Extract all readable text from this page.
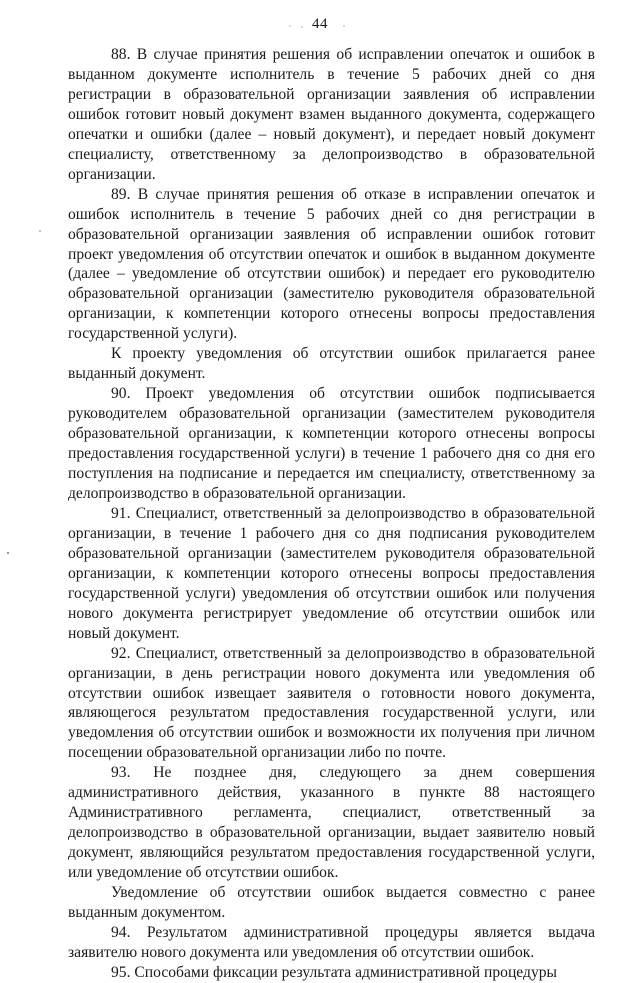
44

88. В случае принятия решения об исправлении опечаток и ошибок в выданном документе исполнитель в течение 5 рабочих дней со дня регистрации в образовательной организации заявления об исправлении ошибок готовит новый документ взамен выданного документа, содержащего опечатки и ошибки (далее – новый документ), и передает новый документ специалисту, ответственному за делопроизводство в образовательной организации.

89. В случае принятия решения об отказе в исправлении опечаток и ошибок исполнитель в течение 5 рабочих дней со дня регистрации в образовательной организации заявления об исправлении ошибок готовит проект уведомления об отсутствии опечаток и ошибок в выданном документе (далее – уведомление об отсутствии ошибок) и передает его руководителю образовательной организации (заместителю руководителя образовательной организации, к компетенции которого отнесены вопросы предоставления государственной услуги).

К проекту уведомления об отсутствии ошибок прилагается ранее выданный документ.

90. Проект уведомления об отсутствии ошибок подписывается руководителем образовательной организации (заместителем руководителя образовательной организации, к компетенции которого отнесены вопросы предоставления государственной услуги) в течение 1 рабочего дня со дня его поступления на подписание и передается им специалисту, ответственному за делопроизводство в образовательной организации.

91. Специалист, ответственный за делопроизводство в образовательной организации, в течение 1 рабочего дня со дня подписания руководителем образовательной организации (заместителем руководителя образовательной организации, к компетенции которого отнесены вопросы предоставления государственной услуги) уведомления об отсутствии ошибок или получения нового документа регистрирует уведомление об отсутствии ошибок или новый документ.

92. Специалист, ответственный за делопроизводство в образовательной организации, в день регистрации нового документа или уведомления об отсутствии ошибок извещает заявителя о готовности нового документа, являющегося результатом предоставления государственной услуги, или уведомления об отсутствии ошибок и возможности их получения при личном посещении образовательной организации либо по почте.

93. Не позднее дня, следующего за днем совершения административного действия, указанного в пункте 88 настоящего Административного регламента, специалист, ответственный за делопроизводство в образовательной организации, выдает заявителю новый документ, являющийся результатом предоставления государственной услуги, или уведомление об отсутствии ошибок.

Уведомление об отсутствии ошибок выдается совместно с ранее выданным документом.

94. Результатом административной процедуры является выдача заявителю нового документа или уведомления об отсутствии ошибок.

95. Способами фиксации результата административной процедуры
